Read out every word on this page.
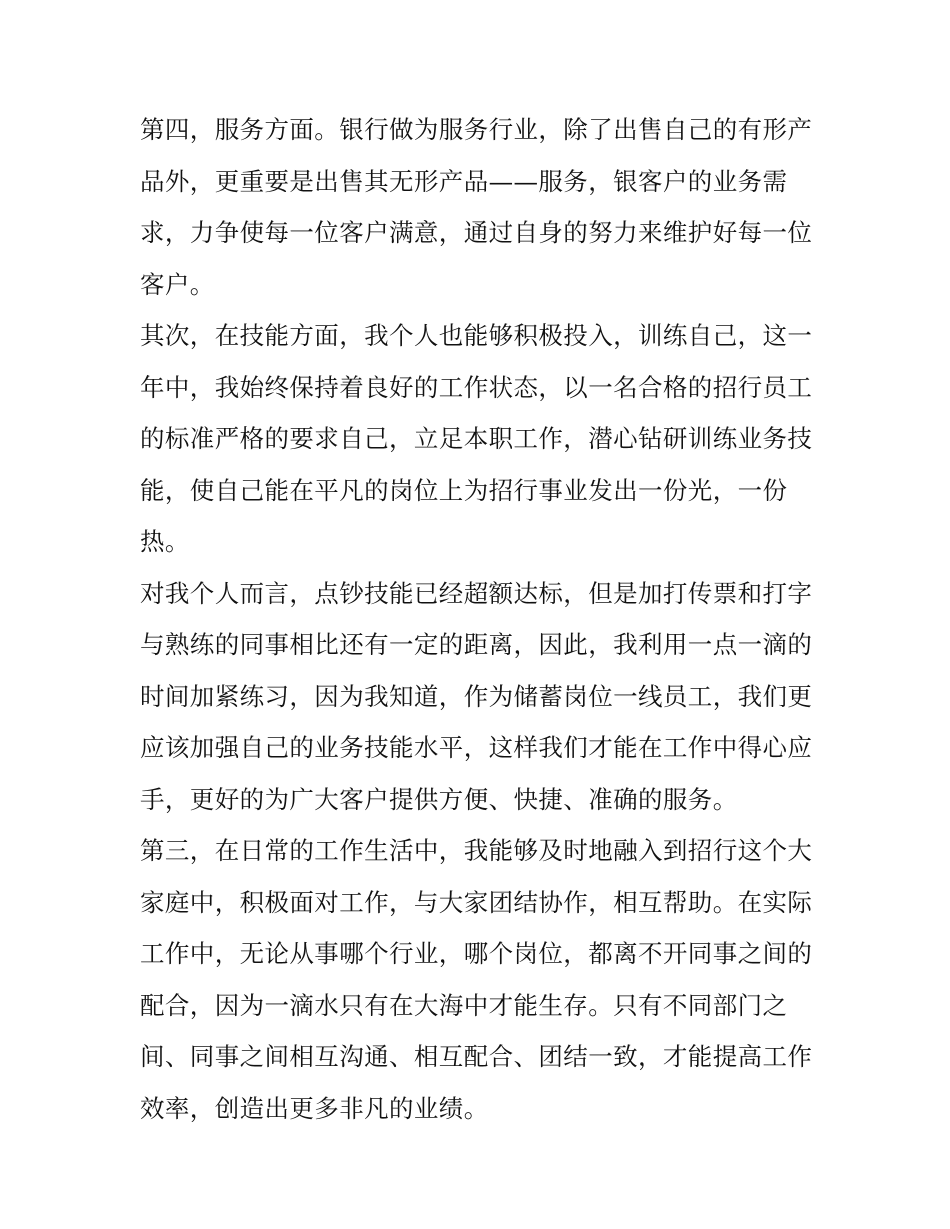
第四，服务方面。银行做为服务行业，除了出售自己的有形产
品外，更重要是出售其无形产品——服务，银客户的业务需
求，力争使每一位客户满意，通过自身的努力来维护好每一位
客户。
其次，在技能方面，我个人也能够积极投入，训练自己，这一
年中，我始终保持着良好的工作状态，以一名合格的招行员工
的标准严格的要求自己，立足本职工作，潜心钻研训练业务技
能，使自己能在平凡的岗位上为招行事业发出一份光，一份
热。
对我个人而言，点钞技能已经超额达标，但是加打传票和打字
与熟练的同事相比还有一定的距离，因此，我利用一点一滴的
时间加紧练习，因为我知道，作为储蓄岗位一线员工，我们更
应该加强自己的业务技能水平，这样我们才能在工作中得心应
手，更好的为广大客户提供方便、快捷、准确的服务。
第三，在日常的工作生活中，我能够及时地融入到招行这个大
家庭中，积极面对工作，与大家团结协作，相互帮助。在实际
工作中，无论从事哪个行业，哪个岗位，都离不开同事之间的
配合，因为一滴水只有在大海中才能生存。只有不同部门之
间、同事之间相互沟通、相互配合、团结一致，才能提高工作
效率，创造出更多非凡的业绩。
